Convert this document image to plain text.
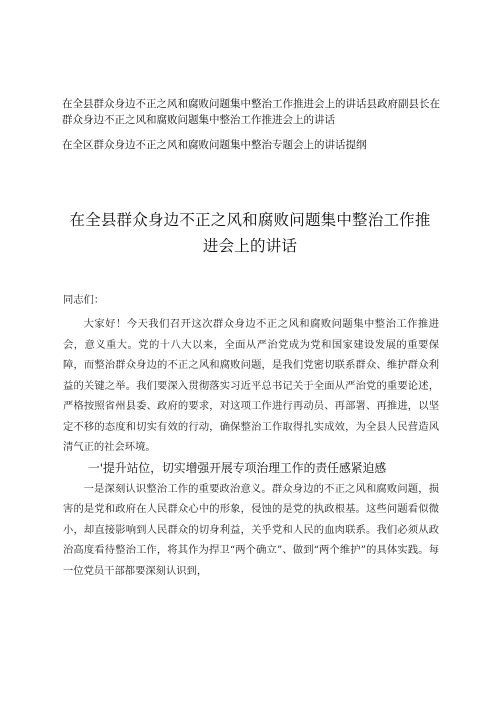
在全县群众身边不正之风和腐败问题集中整治工作推进会上的讲话县政府副县长在群众身边不正之风和腐败问题集中整治工作推进会上的讲话
在全区群众身边不正之风和腐败问题集中整治专题会上的讲话提纲
在全县群众身边不正之风和腐败问题集中整治工作推进会上的讲话

同志们：

大家好！今天我们召开这次群众身边不正之风和腐败问题集中整治工作推进会，意义重大。党的十八大以来，全面从严治党成为党和国家建设发展的重要保障，而整治群众身边的不正之风和腐败问题，是我们党密切联系群众、维护群众利益的关键之举。我们要深入贯彻落实习近平总书记关于全面从严治党的重要论述，严格按照省州县委、政府的要求，对这项工作进行再动员、再部署、再推进，以坚定不移的态度和切实有效的行动，确保整治工作取得扎实成效，为全县人民营造风清气正的社会环境。

一'提升站位，切实增强开展专项治理工作的责任感紧迫感

一是深刻认识整治工作的重要政治意义。群众身边的不正之风和腐败问题，损害的是党和政府在人民群众心中的形象，侵蚀的是党的执政根基。这些问题看似微小，却直接影响到人民群众的切身利益，关乎党和人民的血肉联系。我们必须从政治高度看待整治工作，将其作为捍卫“两个确立”、做到“两个维护”的具体实践。每一位党员干部都要深刻认识到，
